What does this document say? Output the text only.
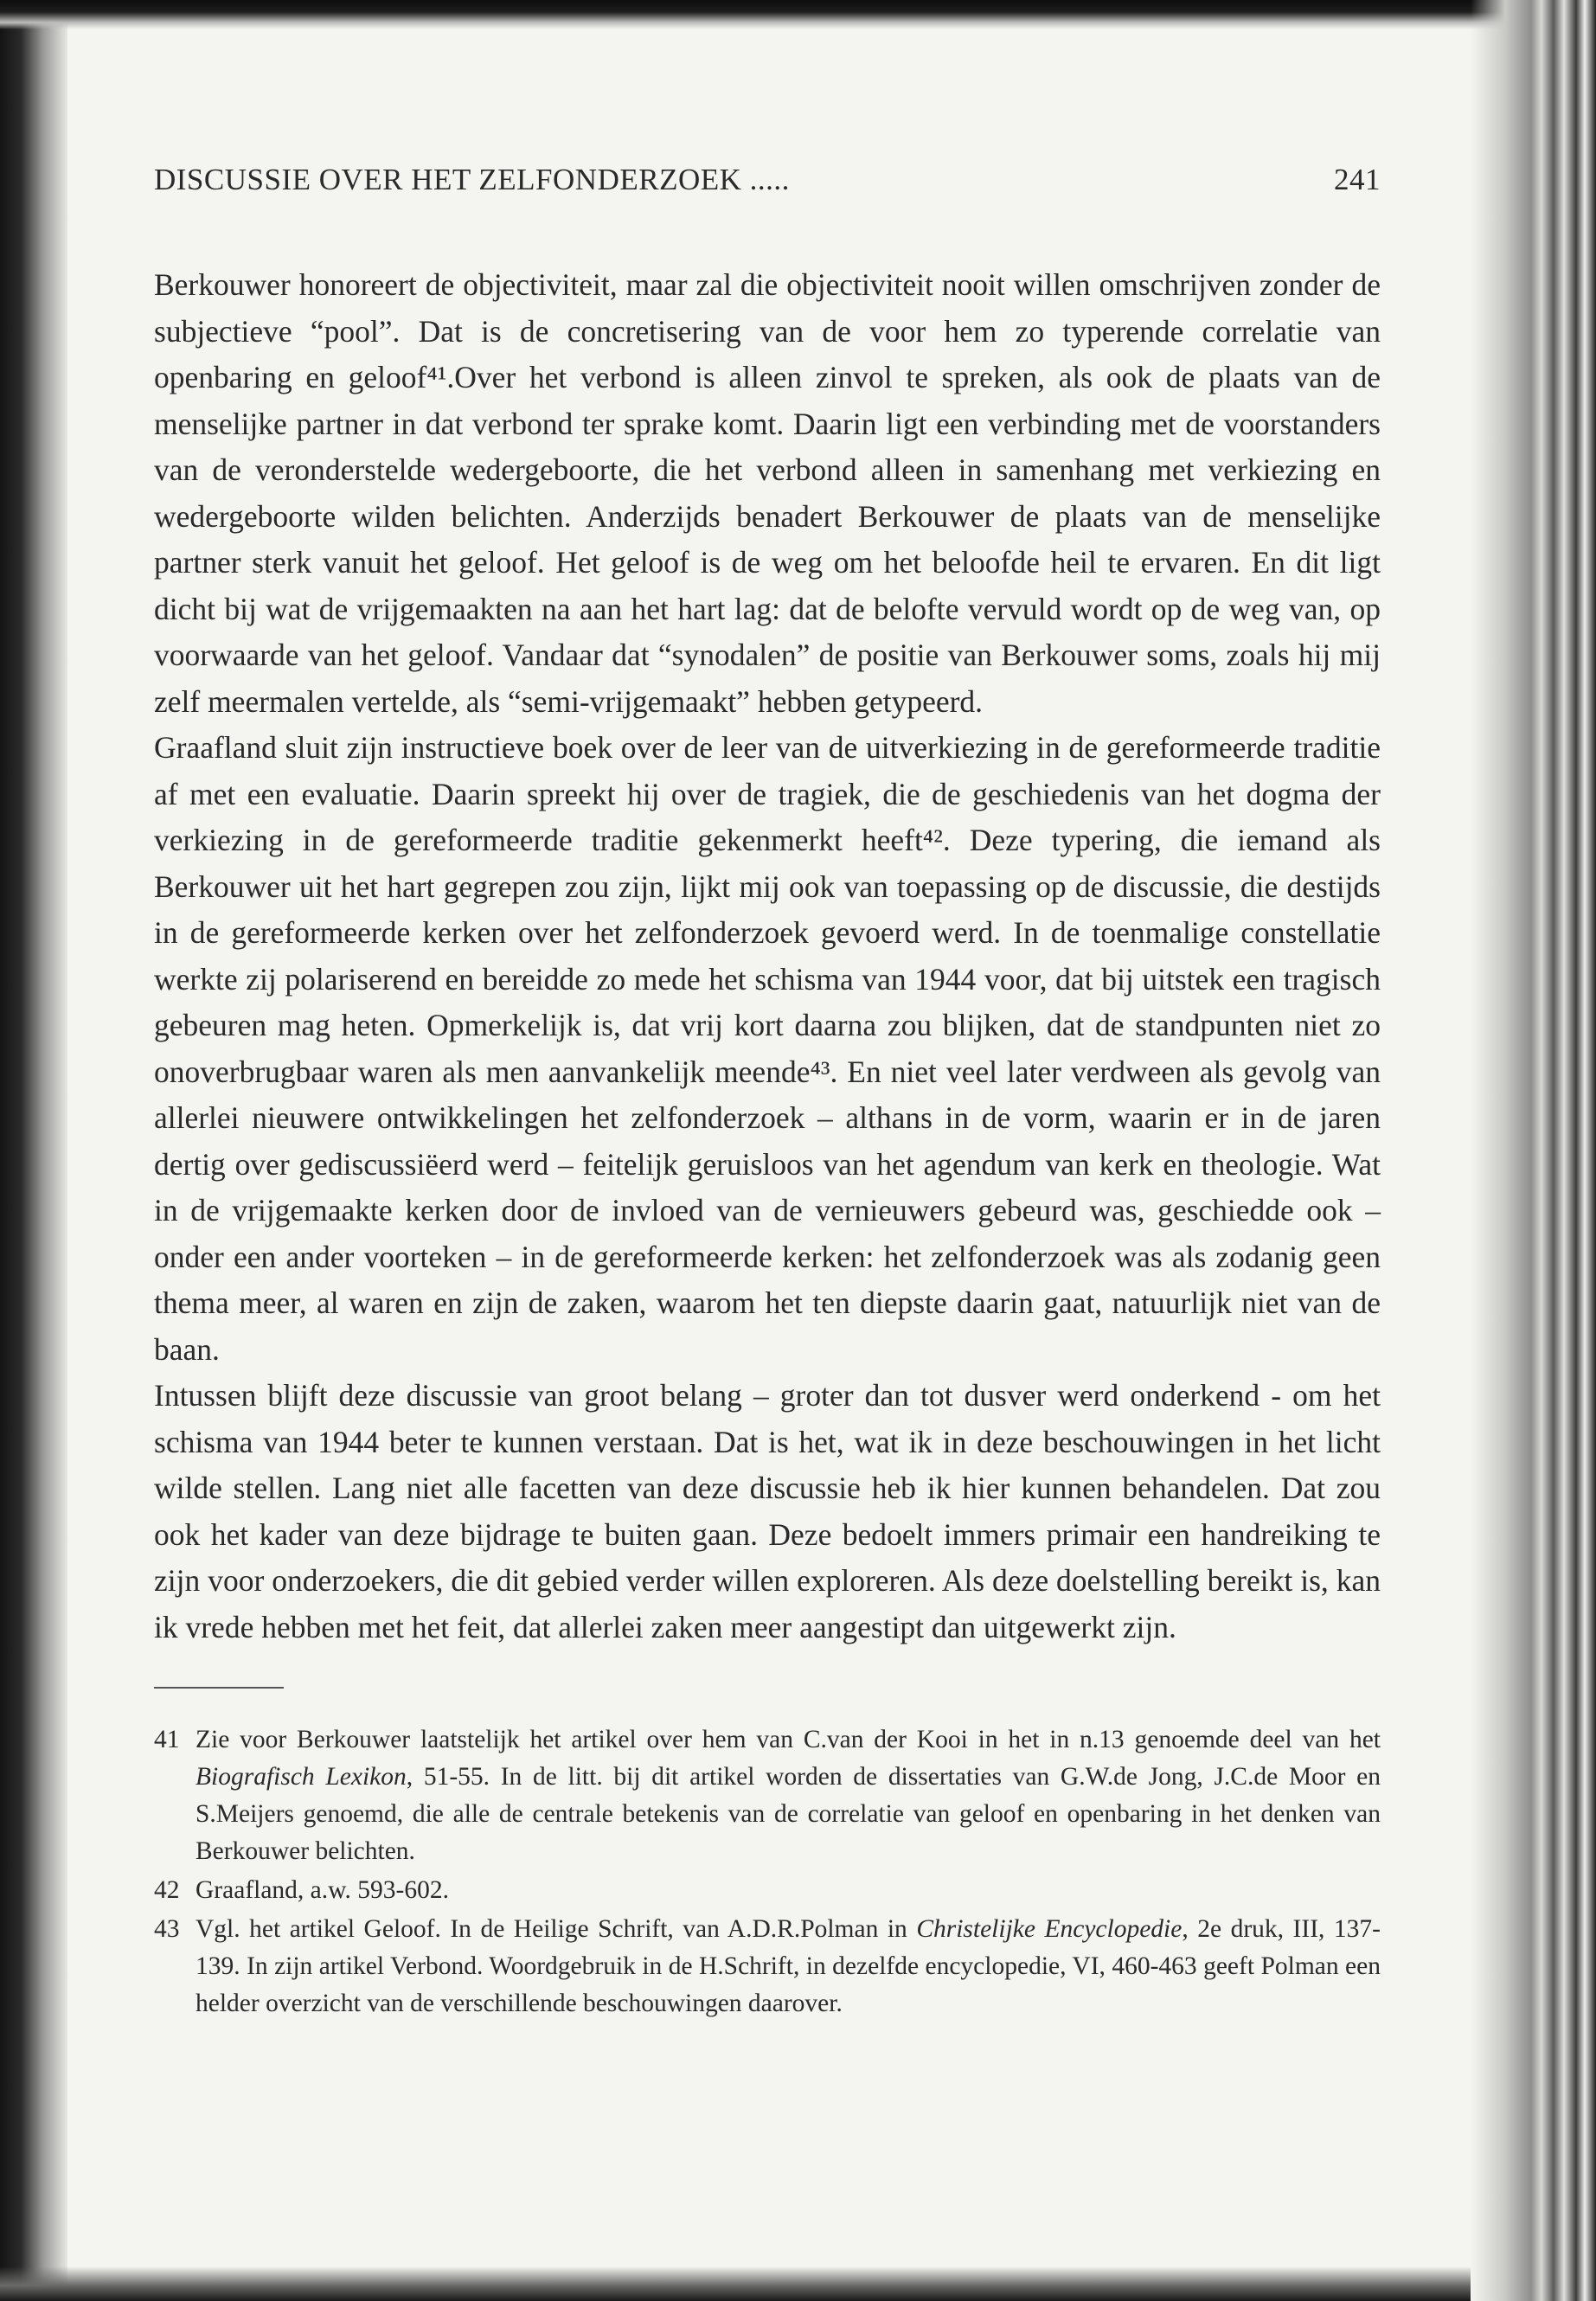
DISCUSSIE OVER HET ZELFONDERZOEK .....	241

Berkouwer honoreert de objectiviteit, maar zal die objectiviteit nooit willen omschrijven zonder de subjectieve “pool”. Dat is de concretisering van de voor hem zo typerende correlatie van openbaring en geloof⁴¹.Over het verbond is alleen zinvol te spreken, als ook de plaats van de menselijke partner in dat verbond ter sprake komt. Daarin ligt een verbinding met de voorstanders van de veronderstelde wedergeboorte, die het verbond alleen in samenhang met verkiezing en wedergeboorte wilden belichten. Anderzijds benadert Berkouwer de plaats van de menselijke partner sterk vanuit het geloof. Het geloof is de weg om het beloofde heil te ervaren. En dit ligt dicht bij wat de vrijgemaakten na aan het hart lag: dat de belofte vervuld wordt op de weg van, op voorwaarde van het geloof. Vandaar dat “synodalen” de positie van Berkouwer soms, zoals hij mij zelf meermalen vertelde, als “semi-vrijgemaakt” hebben getypeerd.

Graafland sluit zijn instructieve boek over de leer van de uitverkiezing in de gereformeerde traditie af met een evaluatie. Daarin spreekt hij over de tragiek, die de geschiedenis van het dogma der verkiezing in de gereformeerde traditie gekenmerkt heeft⁴². Deze typering, die iemand als Berkouwer uit het hart gegrepen zou zijn, lijkt mij ook van toepassing op de discussie, die destijds in de gereformeerde kerken over het zelfonderzoek gevoerd werd. In de toenmalige constellatie werkte zij polariserend en bereidde zo mede het schisma van 1944 voor, dat bij uitstek een tragisch gebeuren mag heten. Opmerkelijk is, dat vrij kort daarna zou blijken, dat de standpunten niet zo onoverbrugbaar waren als men aanvankelijk meende⁴³. En niet veel later verdween als gevolg van allerlei nieuwere ontwikkelingen het zelfonderzoek – althans in de vorm, waarin er in de jaren dertig over gediscussiëerd werd – feitelijk geruisloos van het agendum van kerk en theologie. Wat in de vrijgemaakte kerken door de invloed van de vernieuwers gebeurd was, geschiedde ook – onder een ander voorteken – in de gereformeerde kerken: het zelfonderzoek was als zodanig geen thema meer, al waren en zijn de zaken, waarom het ten diepste daarin gaat, natuurlijk niet van de baan.

Intussen blijft deze discussie van groot belang – groter dan tot dusver werd onderkend - om het schisma van 1944 beter te kunnen verstaan. Dat is het, wat ik in deze beschouwingen in het licht wilde stellen. Lang niet alle facetten van deze discussie heb ik hier kunnen behandelen. Dat zou ook het kader van deze bijdrage te buiten gaan. Deze bedoelt immers primair een handreiking te zijn voor onderzoekers, die dit gebied verder willen exploreren. Als deze doelstelling bereikt is, kan ik vrede hebben met het feit, dat allerlei zaken meer aangestipt dan uitgewerkt zijn.

41 Zie voor Berkouwer laatstelijk het artikel over hem van C.van der Kooi in het in n.13 genoemde deel van het Biografisch Lexikon, 51-55. In de litt. bij dit artikel worden de dissertaties van G.W.de Jong, J.C.de Moor en S.Meijers genoemd, die alle de centrale betekenis van de correlatie van geloof en openbaring in het denken van Berkouwer belichten.
42 Graafland, a.w. 593-602.
43 Vgl. het artikel Geloof. In de Heilige Schrift, van A.D.R.Polman in Christelijke Encyclopedie, 2e druk, III, 137-139. In zijn artikel Verbond. Woordgebruik in de H.Schrift, in dezelfde encyclopedie, VI, 460-463 geeft Polman een helder overzicht van de verschillende beschouwingen daarover.
